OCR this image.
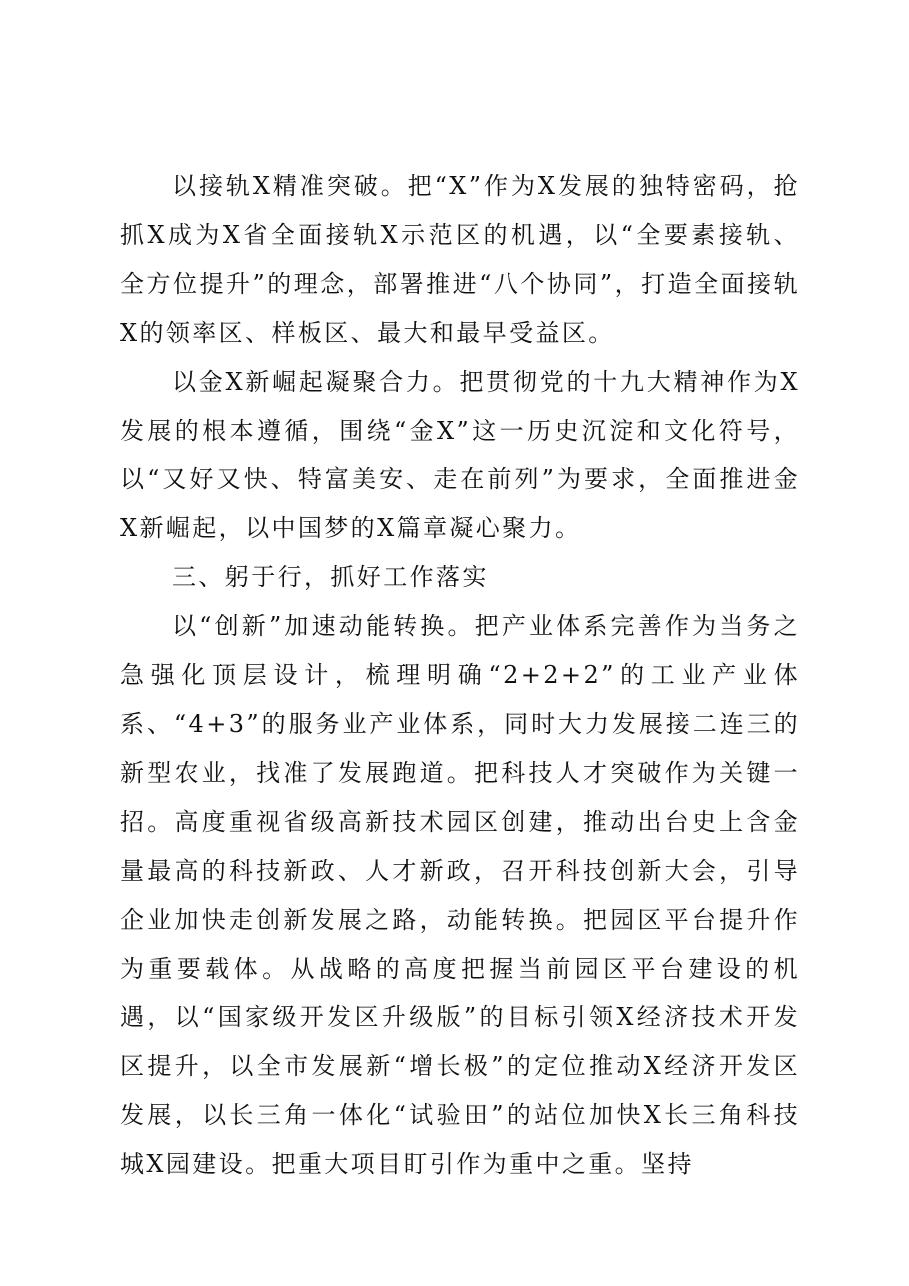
以接轨X精准突破。把“X”作为X发展的独特密码，抢抓X成为X省全面接轨X示范区的机遇，以“全要素接轨、全方位提升”的理念，部署推进“八个协同”，打造全面接轨X的领率区、样板区、最大和最早受益区。

以金X新崛起凝聚合力。把贯彻党的十九大精神作为X发展的根本遵循，围绕“金X”这一历史沉淀和文化符号，以“又好又快、特富美安、走在前列”为要求，全面推进金X新崛起，以中国梦的X篇章凝心聚力。

三、躬于行，抓好工作落实

以“创新”加速动能转换。把产业体系完善作为当务之急强化顶层设计，梳理明确“2+2+2”的工业产业体系、“4+3”的服务业产业体系，同时大力发展接二连三的新型农业，找准了发展跑道。把科技人才突破作为关键一招。高度重视省级高新技术园区创建，推动出台史上含金量最高的科技新政、人才新政，召开科技创新大会，引导企业加快走创新发展之路，动能转换。把园区平台提升作为重要载体。从战略的高度把握当前园区平台建设的机遇，以“国家级开发区升级版”的目标引领X经济技术开发区提升，以全市发展新“增长极”的定位推动X经济开发区发展，以长三角一体化“试验田”的站位加快X长三角科技城X园建设。把重大项目盯引作为重中之重。坚持
